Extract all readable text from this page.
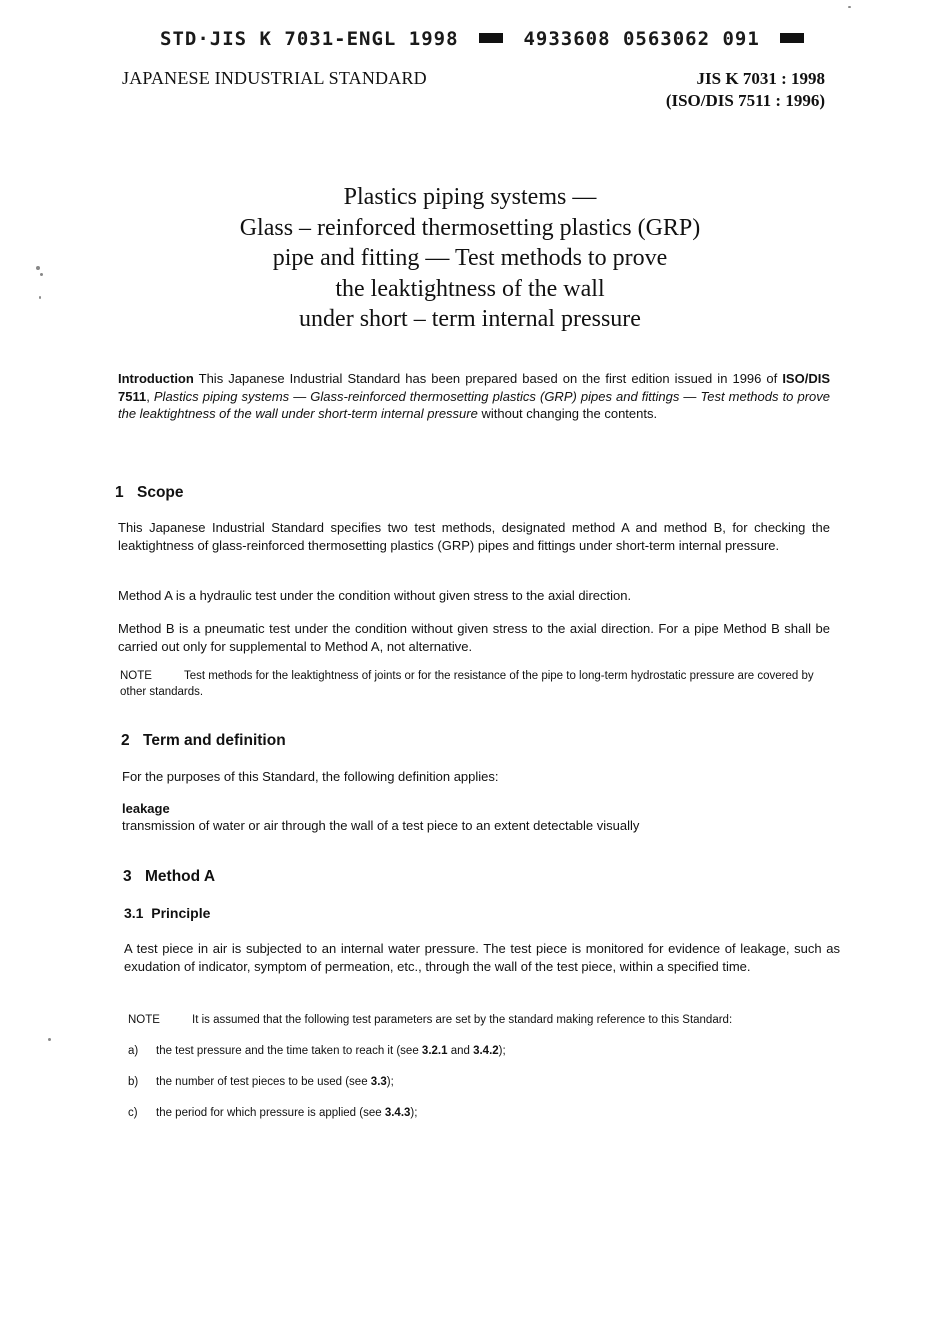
STD·JIS K 7031-ENGL 1998	4933608 0563062 091
JAPANESE INDUSTRIAL STANDARD	JIS K 7031 : 1998
(ISO/DIS 7511 : 1996)
Plastics piping systems —
Glass – reinforced thermosetting plastics (GRP)
pipe and fitting — Test methods to prove
the leaktightness of the wall
under short – term internal pressure
Introduction This Japanese Industrial Standard has been prepared based on the first edition issued in 1996 of ISO/DIS 7511, Plastics piping systems — Glass-reinforced thermosetting plastics (GRP) pipes and fittings — Test methods to prove the leaktightness of the wall under short-term internal pressure without changing the contents.
1 Scope
This Japanese Industrial Standard specifies two test methods, designated method A and method B, for checking the leaktightness of glass-reinforced thermosetting plastics (GRP) pipes and fittings under short-term internal pressure.
Method A is a hydraulic test under the condition without given stress to the axial direction.
Method B is a pneumatic test under the condition without given stress to the axial direction. For a pipe Method B shall be carried out only for supplemental to Method A, not alternative.
NOTE	Test methods for the leaktightness of joints or for the resistance of the pipe to long-term hydrostatic pressure are covered by other standards.
2 Term and definition
For the purposes of this Standard, the following definition applies:
leakage
transmission of water or air through the wall of a test piece to an extent detectable visually
3 Method A
3.1 Principle
A test piece in air is subjected to an internal water pressure. The test piece is monitored for evidence of leakage, such as exudation of indicator, symptom of permeation, etc., through the wall of the test piece, within a specified time.
NOTE	It is assumed that the following test parameters are set by the standard making reference to this Standard:
a) the test pressure and the time taken to reach it (see 3.2.1 and 3.4.2);
b) the number of test pieces to be used (see 3.3);
c) the period for which pressure is applied (see 3.4.3);
